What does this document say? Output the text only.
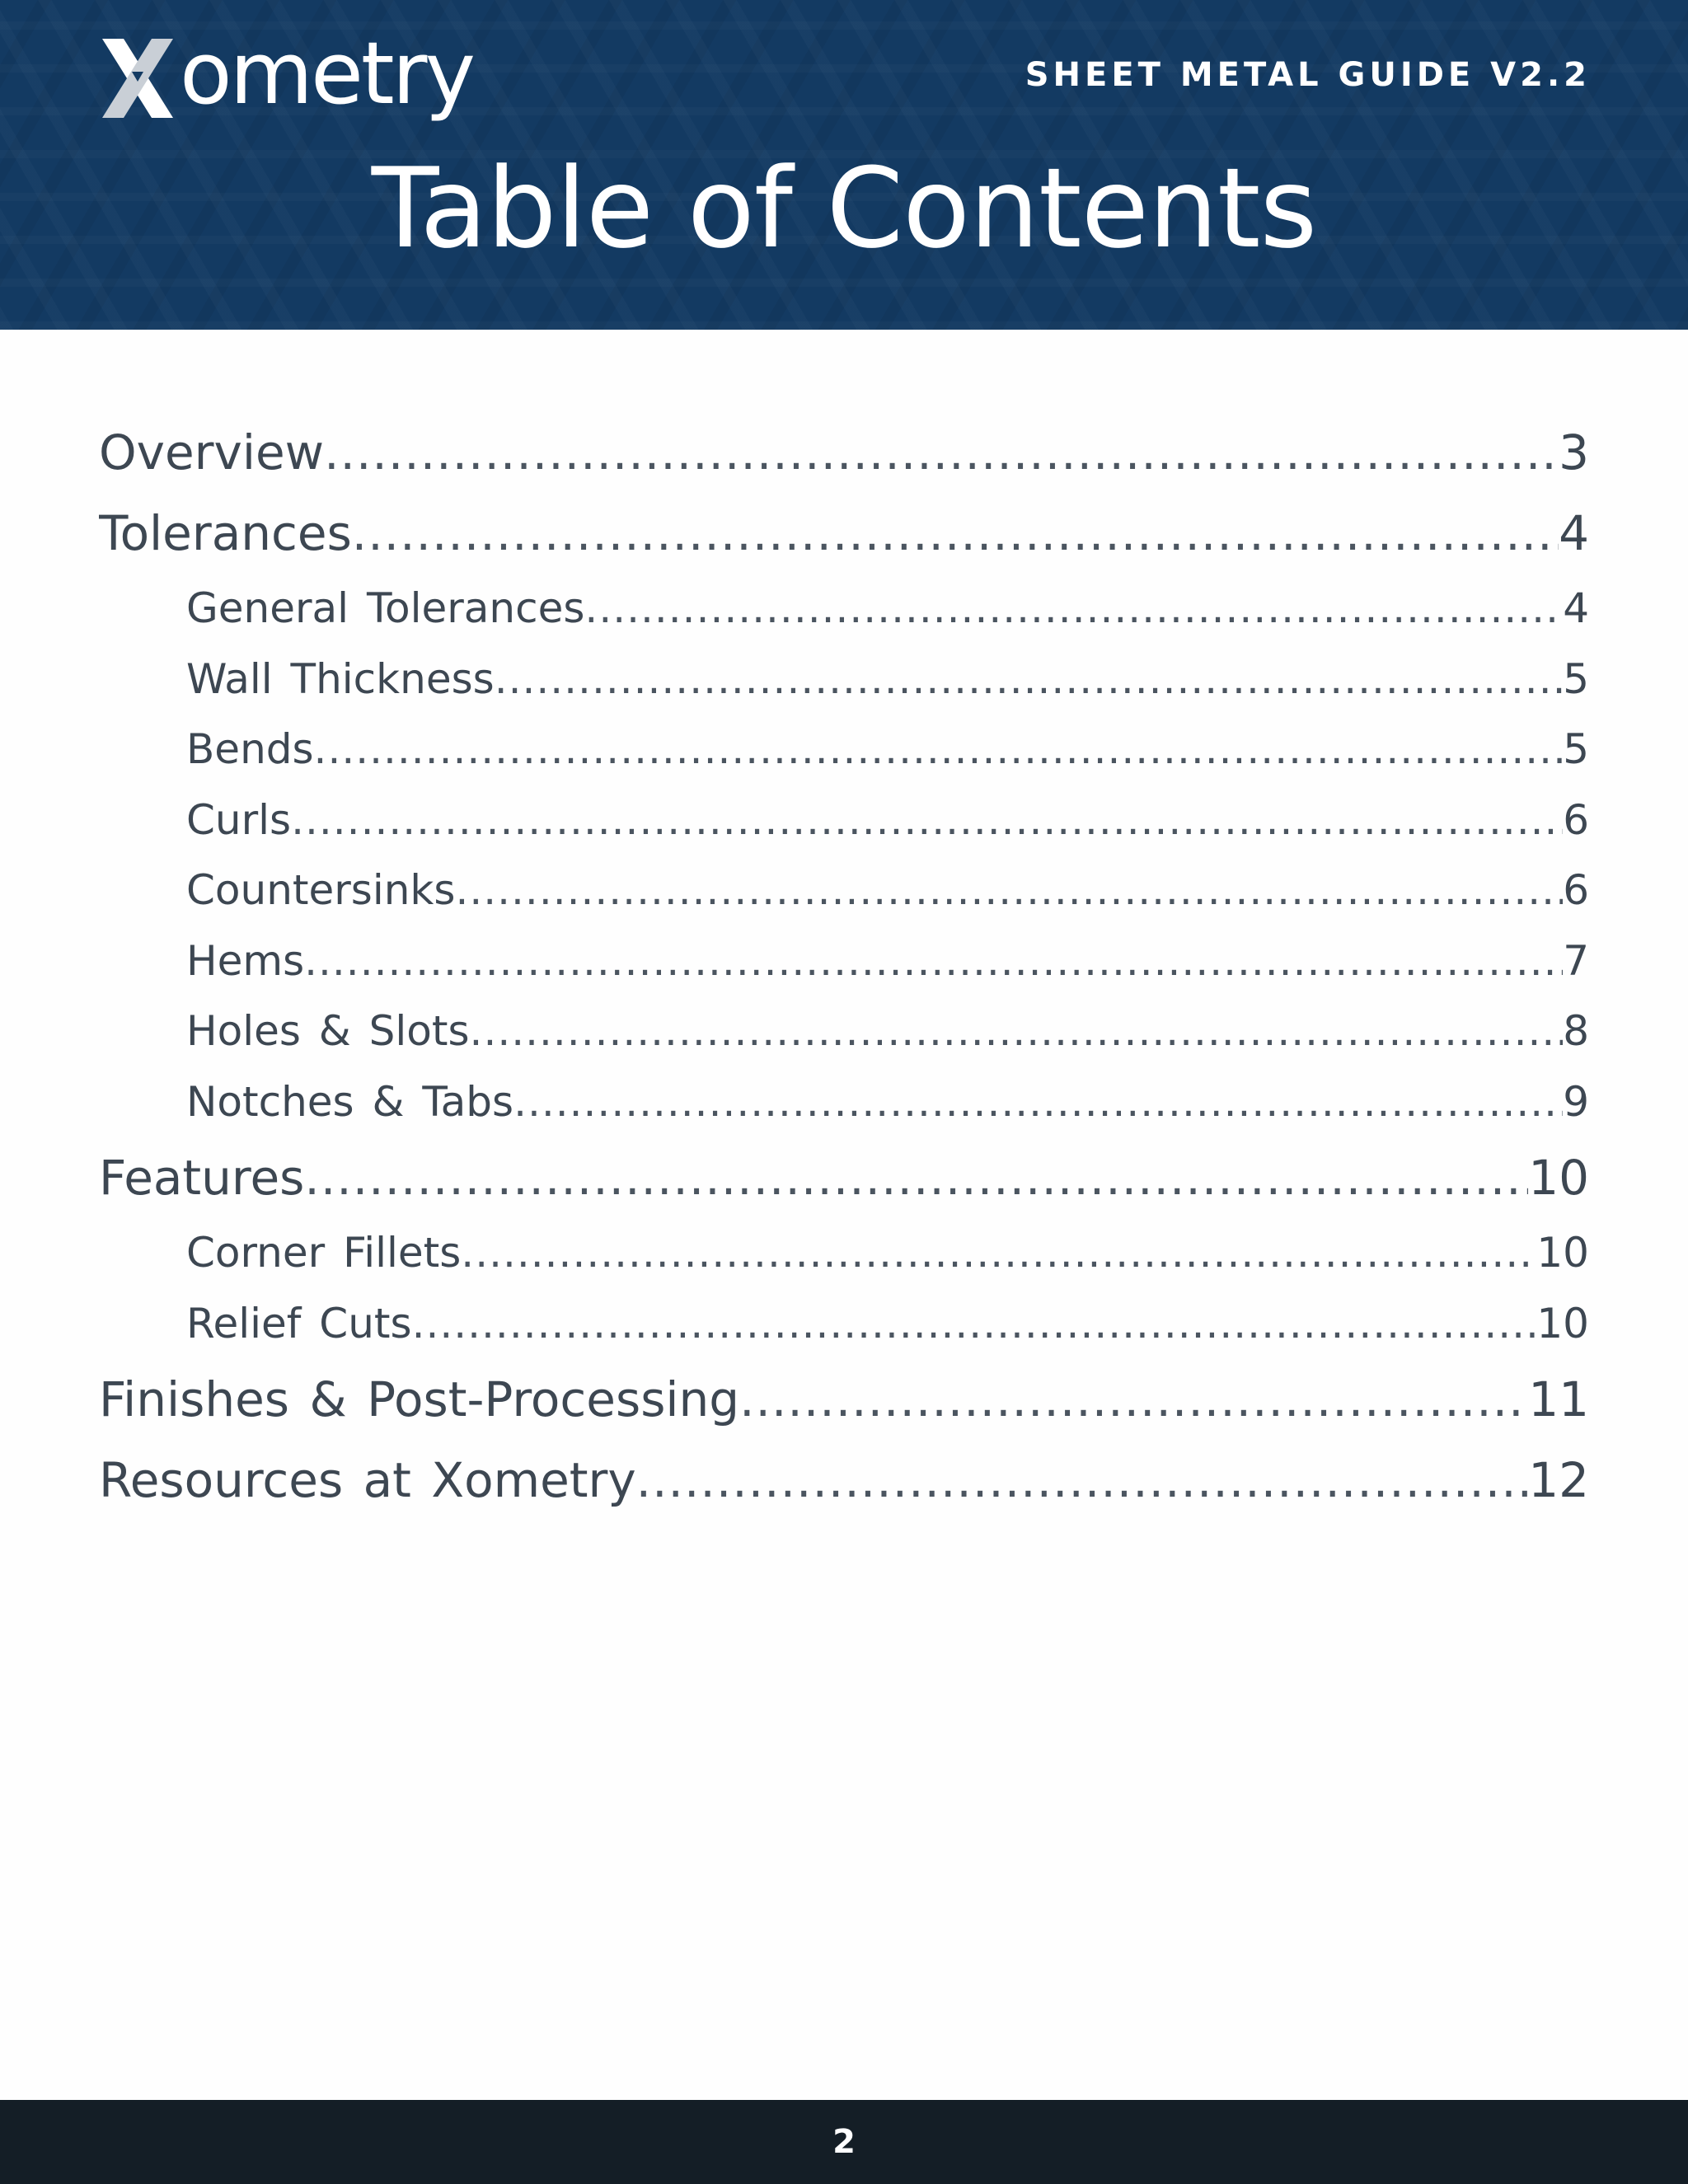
ometry	SHEET METAL GUIDE V2.2
Table of Contents
Overview .....	3
Tolerances .....	4
General Tolerances .....	4
Wall Thickness .....	5
Bends .....	5
Curls .....	6
Countersinks .....	6
Hems .....	7
Holes & Slots .....	8
Notches & Tabs .....	9
Features .....	10
Corner Fillets .....	10
Relief Cuts .....	10
Finishes & Post-Processing .....	11
Resources at Xometry .....	12
2
